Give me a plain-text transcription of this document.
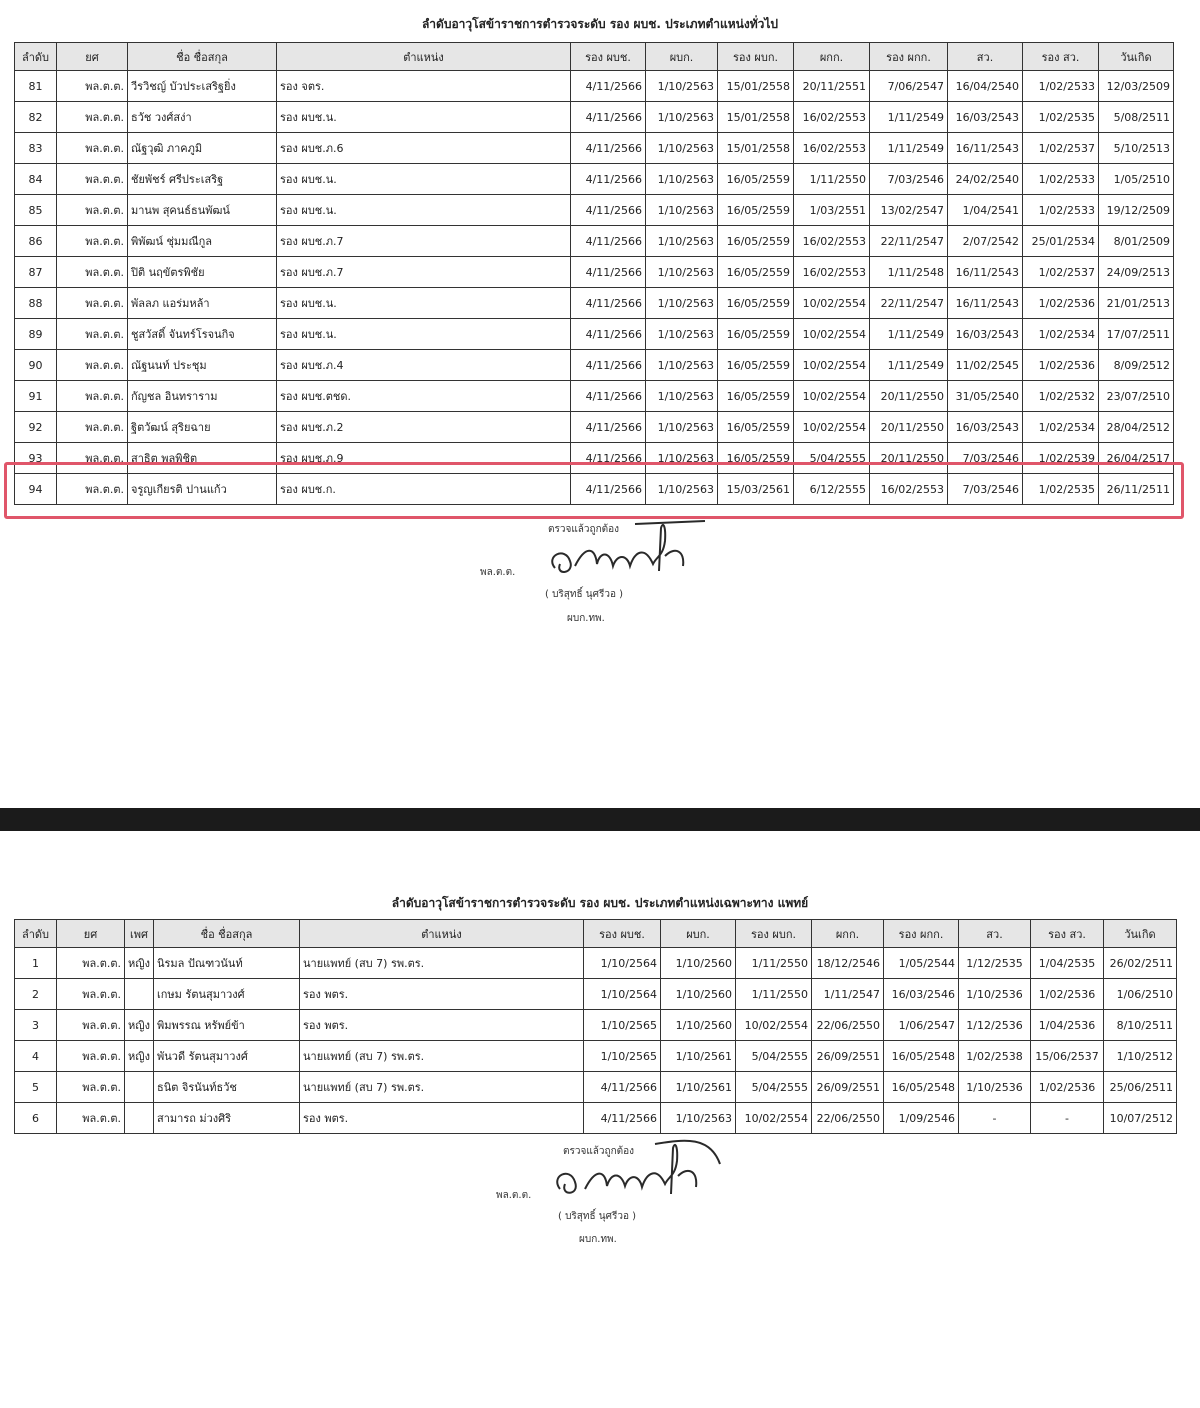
ลำดับอาวุโสข้าราชการตำรวจระดับ รอง ผบช. ประเภทตำแหน่งทั่วไป
ลำดับ	ยศ	ชื่อ ชื่อสกุล	ตำแหน่ง	รอง ผบช.	ผบก.	รอง ผบก.	ผกก.	รอง ผกก.	สว.	รอง สว.	วันเกิด
81	พล.ต.ต.	วีรวิชญ์ บัวประเสริฐยิ่ง	รอง จตร.	4/11/2566	1/10/2563	15/01/2558	20/11/2551	7/06/2547	16/04/2540	1/02/2533	12/03/2509
82	พล.ต.ต.	ธวัช วงศ์สง่า	รอง ผบช.น.	4/11/2566	1/10/2563	15/01/2558	16/02/2553	1/11/2549	16/03/2543	1/02/2535	5/08/2511
83	พล.ต.ต.	ณัฐวุฒิ ภาคภูมิ	รอง ผบช.ภ.6	4/11/2566	1/10/2563	15/01/2558	16/02/2553	1/11/2549	16/11/2543	1/02/2537	5/10/2513
84	พล.ต.ต.	ชัยพัชร์ ศรีประเสริฐ	รอง ผบช.น.	4/11/2566	1/10/2563	16/05/2559	1/11/2550	7/03/2546	24/02/2540	1/02/2533	1/05/2510
85	พล.ต.ต.	มานพ สุคนธ์ธนพัฒน์	รอง ผบช.น.	4/11/2566	1/10/2563	16/05/2559	1/03/2551	13/02/2547	1/04/2541	1/02/2533	19/12/2509
86	พล.ต.ต.	พิพัฒน์ ชุ่มมณีกูล	รอง ผบช.ภ.7	4/11/2566	1/10/2563	16/05/2559	16/02/2553	22/11/2547	2/07/2542	25/01/2534	8/01/2509
87	พล.ต.ต.	ปิติ นฤขัตรพิชัย	รอง ผบช.ภ.7	4/11/2566	1/10/2563	16/05/2559	16/02/2553	1/11/2548	16/11/2543	1/02/2537	24/09/2513
88	พล.ต.ต.	พัลลภ แอร่มหล้า	รอง ผบช.น.	4/11/2566	1/10/2563	16/05/2559	10/02/2554	22/11/2547	16/11/2543	1/02/2536	21/01/2513
89	พล.ต.ต.	ชูสวัสดิ์ จันทร์โรจนกิจ	รอง ผบช.น.	4/11/2566	1/10/2563	16/05/2559	10/02/2554	1/11/2549	16/03/2543	1/02/2534	17/07/2511
90	พล.ต.ต.	ณัฐนนท์ ประชุม	รอง ผบช.ภ.4	4/11/2566	1/10/2563	16/05/2559	10/02/2554	1/11/2549	11/02/2545	1/02/2536	8/09/2512
91	พล.ต.ต.	กัญชล อินทราราม	รอง ผบช.ตชด.	4/11/2566	1/10/2563	16/05/2559	10/02/2554	20/11/2550	31/05/2540	1/02/2532	23/07/2510
92	พล.ต.ต.	ฐิตวัฒน์ สุริยฉาย	รอง ผบช.ภ.2	4/11/2566	1/10/2563	16/05/2559	10/02/2554	20/11/2550	16/03/2543	1/02/2534	28/04/2512
93	พล.ต.ต.	สาธิต พลพิชิต	รอง ผบช.ภ.9	4/11/2566	1/10/2563	16/05/2559	5/04/2555	20/11/2550	7/03/2546	1/02/2539	26/04/2517
94	พล.ต.ต.	จรูญเกียรติ ปานแก้ว	รอง ผบช.ก.	4/11/2566	1/10/2563	15/03/2561	6/12/2555	16/02/2553	7/03/2546	1/02/2535	26/11/2511
ตรวจแล้วถูกต้อง
พล.ต.ต.
( บริสุทธิ์ นุศรีวอ )
ผบก.ทพ.
ลำดับอาวุโสข้าราชการตำรวจระดับ รอง ผบช. ประเภทตำแหน่งเฉพาะทาง แพทย์
ลำดับ	ยศ	เพศ	ชื่อ ชื่อสกุล	ตำแหน่ง	รอง ผบช.	ผบก.	รอง ผบก.	ผกก.	รอง ผกก.	สว.	รอง สว.	วันเกิด
1	พล.ต.ต.	หญิง	นิรมล ปัณฑวนันท์	นายแพทย์ (สบ 7) รพ.ตร.	1/10/2564	1/10/2560	1/11/2550	18/12/2546	1/05/2544	1/12/2535	1/04/2535	26/02/2511
2	พล.ต.ต.		เกษม รัตนสุมาวงศ์	รอง พตร.	1/10/2564	1/10/2560	1/11/2550	1/11/2547	16/03/2546	1/10/2536	1/02/2536	1/06/2510
3	พล.ต.ต.	หญิง	พิมพรรณ หรัพย์ข้า	รอง พตร.	1/10/2565	1/10/2560	10/02/2554	22/06/2550	1/06/2547	1/12/2536	1/04/2536	8/10/2511
4	พล.ต.ต.	หญิง	พันวดี รัตนสุมาวงศ์	นายแพทย์ (สบ 7) รพ.ตร.	1/10/2565	1/10/2561	5/04/2555	26/09/2551	16/05/2548	1/02/2538	15/06/2537	1/10/2512
5	พล.ต.ต.		ธนิต จิรนันท์ธวัช	นายแพทย์ (สบ 7) รพ.ตร.	4/11/2566	1/10/2561	5/04/2555	26/09/2551	16/05/2548	1/10/2536	1/02/2536	25/06/2511
6	พล.ต.ต.		สามารถ ม่วงศิริ	รอง พตร.	4/11/2566	1/10/2563	10/02/2554	22/06/2550	1/09/2546	-	-	10/07/2512
ตรวจแล้วถูกต้อง
พล.ต.ต.
( บริสุทธิ์ นุศรีวอ )
ผบก.ทพ.
